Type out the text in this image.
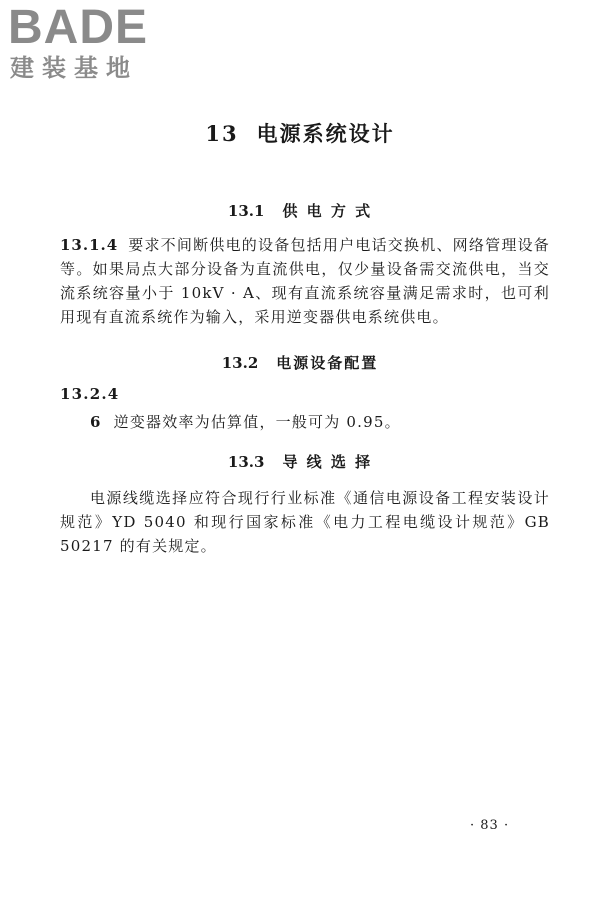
BADE
建装基地
13 电源系统设计
13.1 供 电 方 式
13.1.4 要求不间断供电的设备包括用户电话交换机、网络管理设备等。如果局点大部分设备为直流供电，仅少量设备需交流供电，当交流系统容量小于 10kV · A、现有直流系统容量满足需求时，也可利用现有直流系统作为输入，采用逆变器供电系统供电。
13.2 电源设备配置
13.2.4
6 逆变器效率为估算值，一般可为 0.95。
13.3 导 线 选 择
电源线缆选择应符合现行行业标准《通信电源设备工程安装设计规范》YD 5040 和现行国家标准《电力工程电缆设计规范》GB 50217 的有关规定。
· 83 ·
